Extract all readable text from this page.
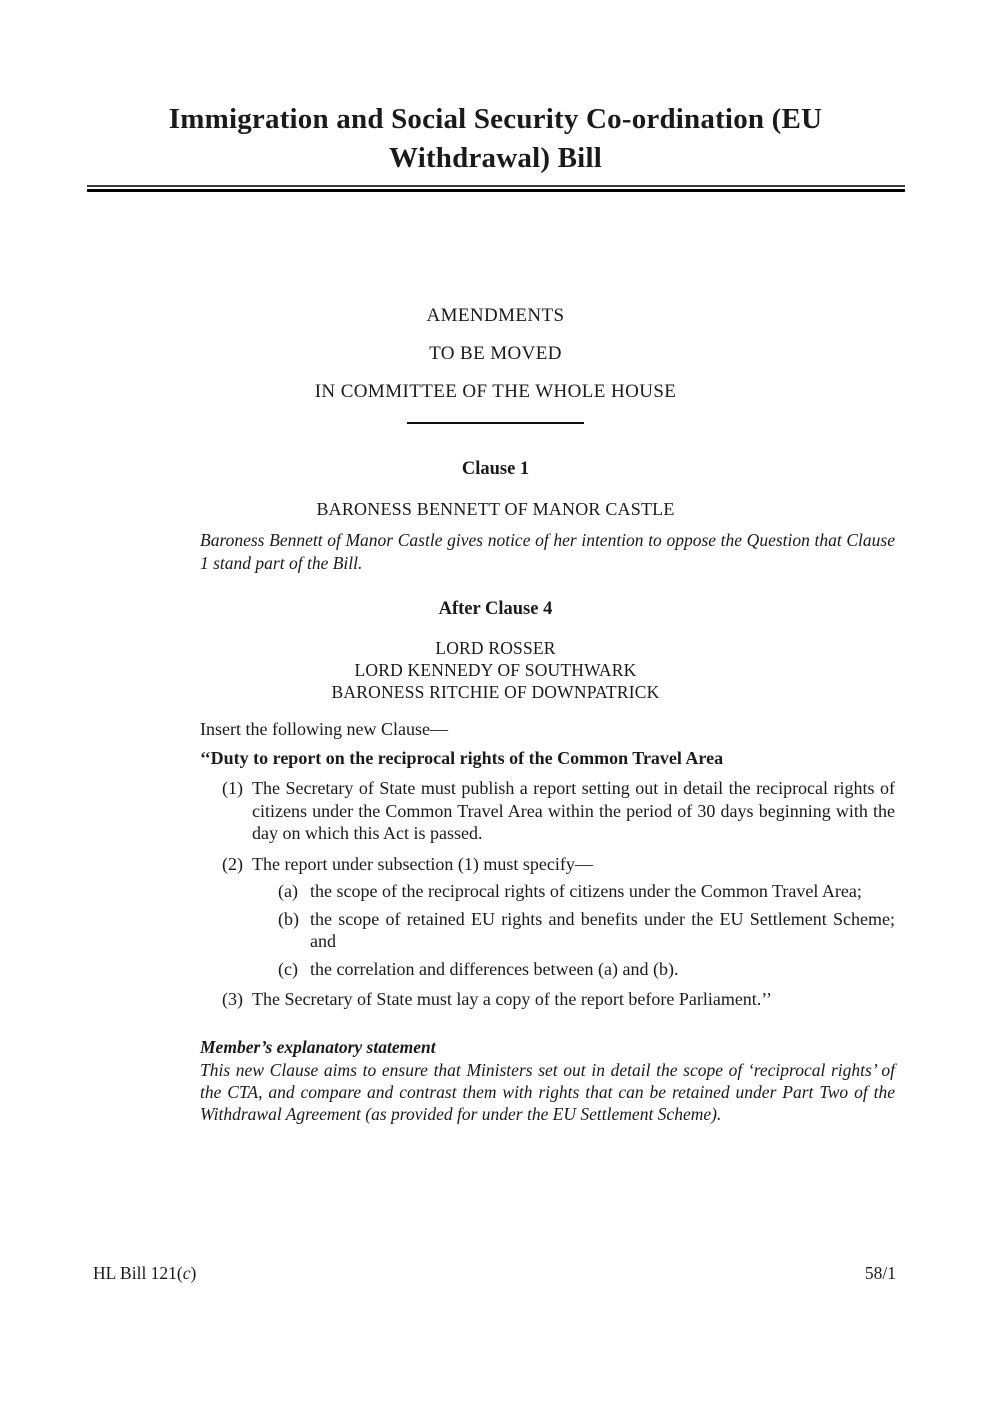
Immigration and Social Security Co-ordination (EU
Withdrawal) Bill
AMENDMENTS
TO BE MOVED
IN COMMITTEE OF THE WHOLE HOUSE
Clause 1
BARONESS BENNETT OF MANOR CASTLE
Baroness Bennett of Manor Castle gives notice of her intention to oppose the Question that Clause 1 stand part of the Bill.
After Clause 4
LORD ROSSER
LORD KENNEDY OF SOUTHWARK
BARONESS RITCHIE OF DOWNPATRICK
Insert the following new Clause—
‘‘Duty to report on the reciprocal rights of the Common Travel Area
(1) The Secretary of State must publish a report setting out in detail the reciprocal rights of citizens under the Common Travel Area within the period of 30 days beginning with the day on which this Act is passed.
(2) The report under subsection (1) must specify—
(a) the scope of the reciprocal rights of citizens under the Common Travel Area;
(b) the scope of retained EU rights and benefits under the EU Settlement Scheme; and
(c) the correlation and differences between (a) and (b).
(3) The Secretary of State must lay a copy of the report before Parliament.’’
Member’s explanatory statement
This new Clause aims to ensure that Ministers set out in detail the scope of ‘reciprocal rights’ of the CTA, and compare and contrast them with rights that can be retained under Part Two of the Withdrawal Agreement (as provided for under the EU Settlement Scheme).
HL Bill 121(c)	58/1
